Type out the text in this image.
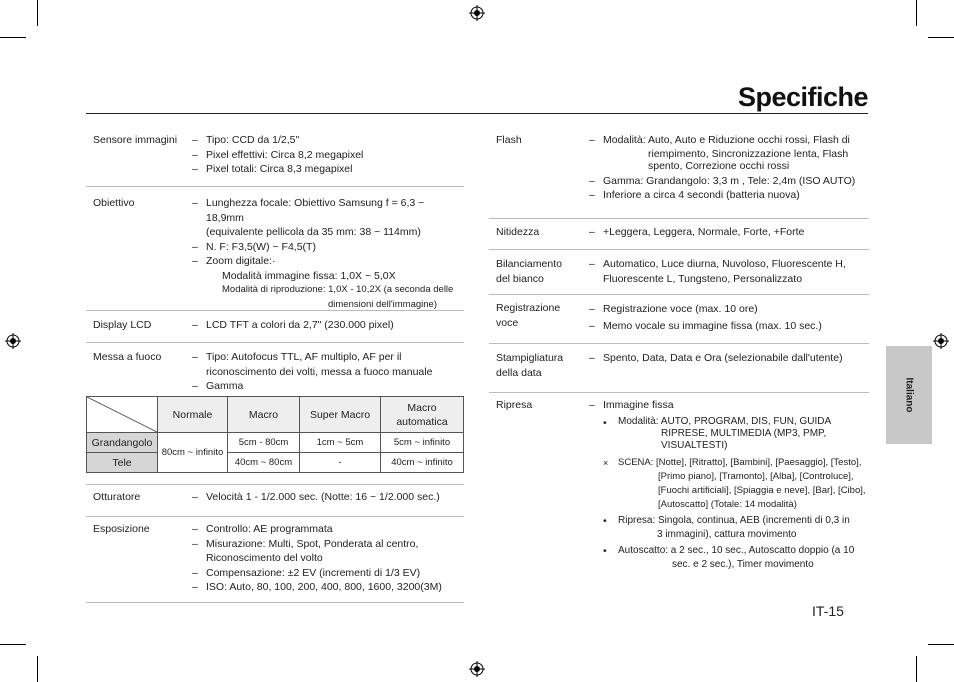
Specifiche
Sensore immagini – Tipo: CCD da 1/2,5"
– Pixel effettivi: Circa 8,2 megapixel
– Pixel totali: Circa 8,3 megapixel
Obiettivo	– Lunghezza focale: Obiettivo Samsung f = 6,3 ~ 18,9mm
(equivalente pellicola da 35 mm: 38 ~ 114mm)
– N. F: F3,5(W) ~ F4,5(T)
– Zoom digitale:·
Modalità immagine fissa: 1,0X ~ 5,0X
Modalità di riproduzione: 1,0X - 10,2X (a seconda delle
dimensioni dell'immagine)
Display LCD	– LCD TFT a colori da 2,7" (230.000 pixel)
Messa a fuoco	– Tipo: Autofocus TTL, AF multiplo, AF per il
riconoscimento dei volti, messa a fuoco manuale
– Gamma
	Normale	Macro	Super Macro	Macro automatica
Grandangolo	80cm ~ infinito	5cm - 80cm	1cm ~ 5cm	5cm ~ infinito
Tele		40cm ~ 80cm	-	40cm ~ infinito
Otturatore	– Velocità 1 - 1/2.000 sec. (Notte: 16 ~ 1/2.000 sec.)
Esposizione	– Controllo: AE programmata
– Misurazione: Multi, Spot, Ponderata al centro,
Riconoscimento del volto
– Compensazione: ±2 EV (incrementi di 1/3 EV)
– ISO: Auto, 80, 100, 200, 400, 800, 1600, 3200(3M)
Flash	– Modalità: Auto, Auto e Riduzione occhi rossi, Flash di
riempimento, Sincronizzazione lenta, Flash
spento, Correzione occhi rossi
– Gamma: Grandangolo: 3,3 m , Tele: 2,4m (ISO AUTO)
– Inferiore a circa 4 secondi (batteria nuova)
Nitidezza	– +Leggera, Leggera, Normale, Forte, +Forte
Bilanciamento
del bianco
– Automatico, Luce diurna, Nuvoloso, Fluorescente H,
Fluorescente L, Tungsteno, Personalizzato
Registrazione
voce
– Registrazione voce (max. 10 ore)
– Memo vocale su immagine fissa (max. 10 sec.)
Stampigliatura
della data
– Spento, Data, Data e Ora (selezionabile dall'utente)
Ripresa	– Immagine fissa
•	Modalità: AUTO, PROGRAM, DIS, FUN, GUIDA
RIPRESE, MULTIMEDIA (MP3, PMP,
VISUALTESTI)
×	SCENA: [Notte], [Ritratto], [Bambini], [Paesaggio], [Testo],
[Primo piano], [Tramonto], [Alba], [Controluce],
[Fuochi artificiali], [Spiaggia e neve], [Bar], [Cibo],
[Autoscatto] (Totale: 14 modalità)
•	Ripresa: Singola, continua, AEB (incrementi di 0,3 in
3 immagini), cattura movimento
•	Autoscatto: a 2 sec., 10 sec., Autoscatto doppio (a 10
sec. e 2 sec.), Timer movimento
Italiano
IT-15
